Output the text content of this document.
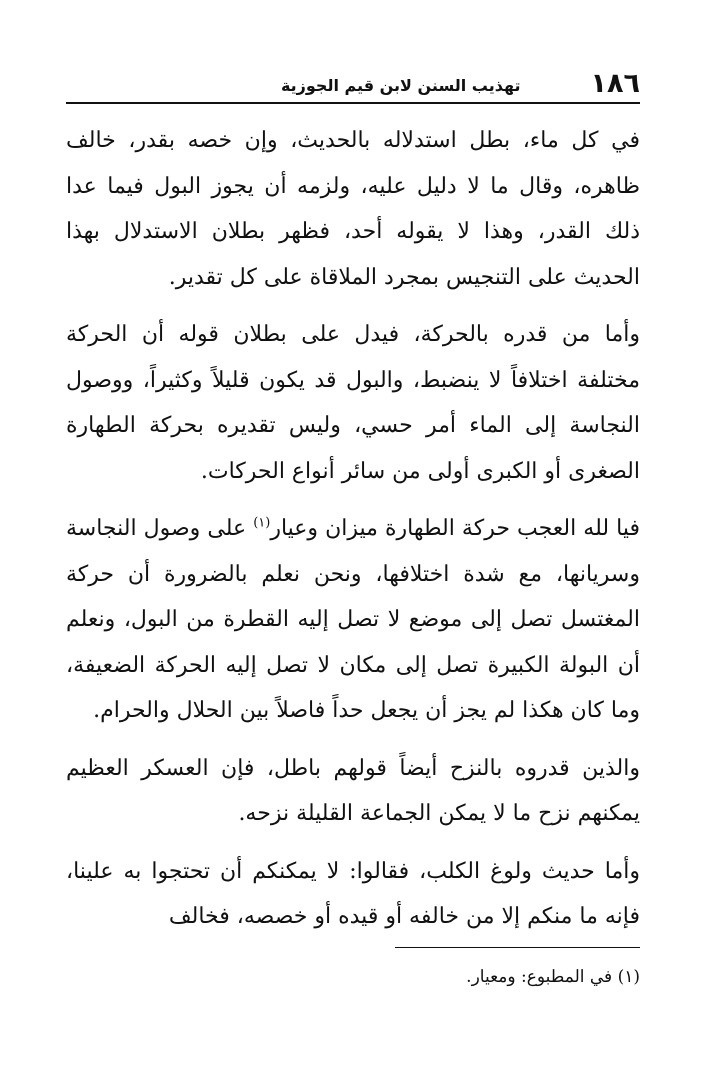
١٨٦
تهذيب السنن لابن قيم الجوزية

في كل ماء، بطل استدلاله بالحديث، وإن خصه بقدر، خالف ظاهره، وقال ما لا دليل عليه، ولزمه أن يجوز البول فيما عدا ذلك القدر، وهذا لا يقوله أحد، فظهر بطلان الاستدلال بهذا الحديث على التنجيس بمجرد الملاقاة على كل تقدير.

وأما من قدره بالحركة، فيدل على بطلان قوله أن الحركة مختلفة اختلافاً لا ينضبط، والبول قد يكون قليلاً وكثيراً، ووصول النجاسة إلى الماء أمر حسي، وليس تقديره بحركة الطهارة الصغرى أو الكبرى أولى من سائر أنواع الحركات.

فيا لله العجب حركة الطهارة ميزان وعيار$^{(١)}$ على وصول النجاسة وسريانها، مع شدة اختلافها، ونحن نعلم بالضرورة أن حركة المغتسل تصل إلى موضع لا تصل إليه القطرة من البول، ونعلم أن البولة الكبيرة تصل إلى مكان لا تصل إليه الحركة الضعيفة، وما كان هكذا لم يجز أن يجعل حداً فاصلاً بين الحلال والحرام.

والذين قدروه بالنزح أيضاً قولهم باطل، فإن العسكر العظيم يمكنهم نزح ما لا يمكن الجماعة القليلة نزحه.

وأما حديث ولوغ الكلب، فقالوا: لا يمكنكم أن تحتجوا به علينا، فإنه ما منكم إلا من خالفه أو قيده أو خصصه، فخالف

(١) في المطبوع: ومعيار.
